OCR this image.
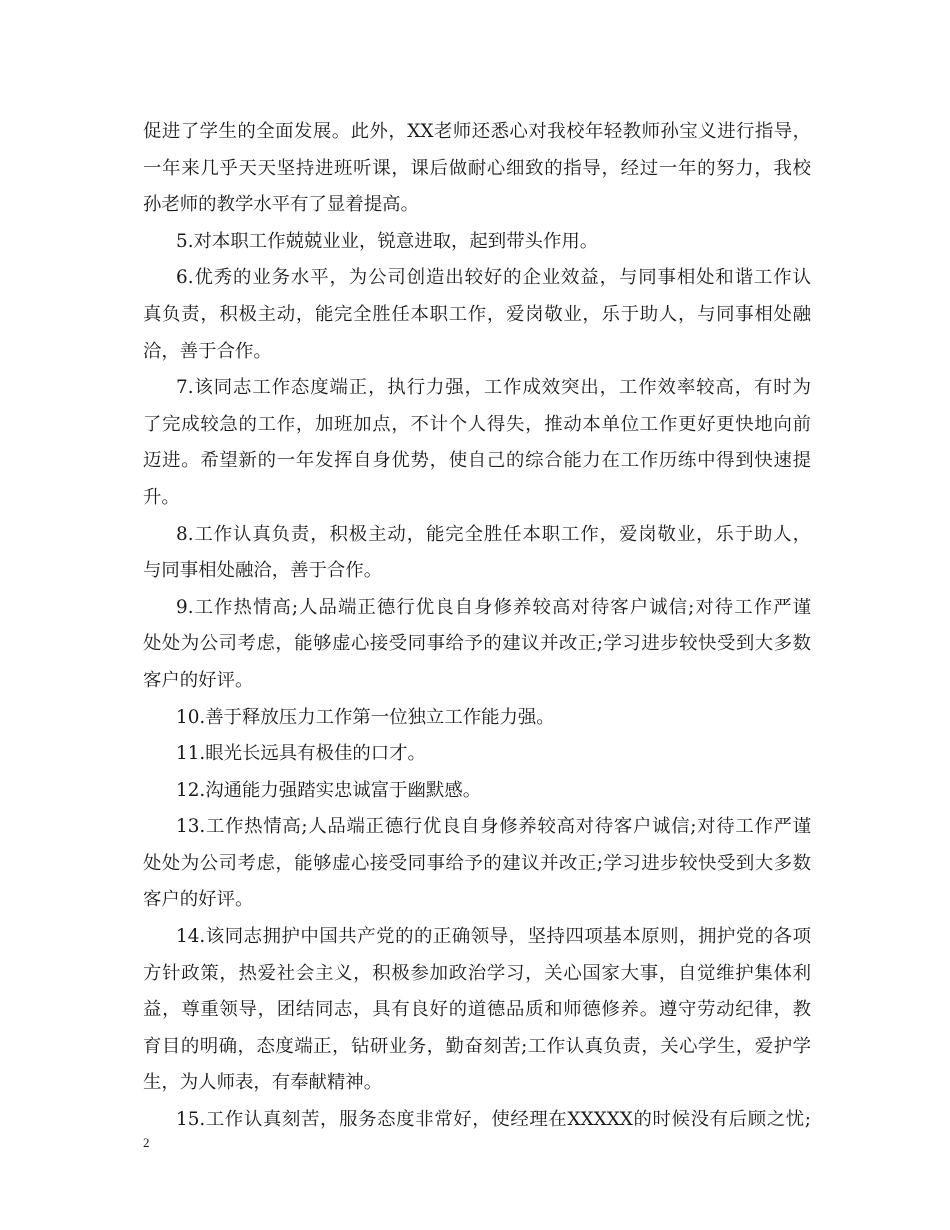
促进了学生的全面发展。此外，XX老师还悉心对我校年轻教师孙宝义进行指导，
一年来几乎天天坚持进班听课，课后做耐心细致的指导，经过一年的努力，我校
孙老师的教学水平有了显着提高。
5.对本职工作兢兢业业，锐意进取，起到带头作用。
6.优秀的业务水平，为公司创造出较好的企业效益，与同事相处和谐工作认
真负责，积极主动，能完全胜任本职工作，爱岗敬业，乐于助人，与同事相处融
洽，善于合作。
7.该同志工作态度端正，执行力强，工作成效突出，工作效率较高，有时为
了完成较急的工作，加班加点，不计个人得失，推动本单位工作更好更快地向前
迈进。希望新的一年发挥自身优势，使自己的综合能力在工作历练中得到快速提
升。
8.工作认真负责，积极主动，能完全胜任本职工作，爱岗敬业，乐于助人，
与同事相处融洽，善于合作。
9.工作热情高;人品端正德行优良自身修养较高对待客户诚信;对待工作严谨
处处为公司考虑，能够虚心接受同事给予的建议并改正;学习进步较快受到大多数
客户的好评。
10.善于释放压力工作第一位独立工作能力强。
11.眼光长远具有极佳的口才。
12.沟通能力强踏实忠诚富于幽默感。
13.工作热情高;人品端正德行优良自身修养较高对待客户诚信;对待工作严谨
处处为公司考虑，能够虚心接受同事给予的建议并改正;学习进步较快受到大多数
客户的好评。
14.该同志拥护中国共产党的的正确领导，坚持四项基本原则，拥护党的各项
方针政策，热爱社会主义，积极参加政治学习，关心国家大事，自觉维护集体利
益，尊重领导，团结同志，具有良好的道德品质和师德修养。遵守劳动纪律，教
育目的明确，态度端正，钻研业务，勤奋刻苦;工作认真负责，关心学生，爱护学
生，为人师表，有奉献精神。
15.工作认真刻苦，服务态度非常好，使经理在XXXXX的时候没有后顾之忧;
2
